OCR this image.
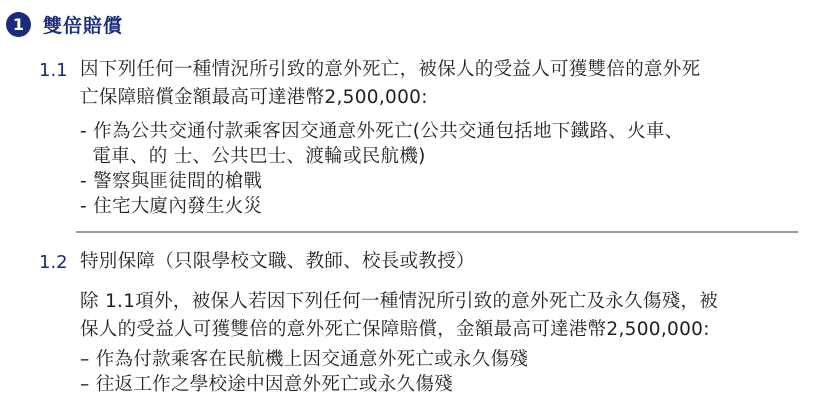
1 雙倍賠償
1.1 因下列任何一種情況所引致的意外死亡，被保人的受益人可獲雙倍的意外死
亡保障賠償金額最高可達港幣2,500,000:
- 作為公共交通付款乘客因交通意外死亡(公共交通包括地下鐵路、火車、
電車、的 士、公共巴士、渡輪或民航機)
- 警察與匪徒間的槍戰
- 住宅大廈內發生火災
1.2 特別保障（只限學校文職、教師、校長或教授）
除 1.1項外，被保人若因下列任何一種情況所引致的意外死亡及永久傷殘，被
保人的受益人可獲雙倍的意外死亡保障賠償，金額最高可達港幣2,500,000:
– 作為付款乘客在民航機上因交通意外死亡或永久傷殘
– 往返工作之學校途中因意外死亡或永久傷殘
